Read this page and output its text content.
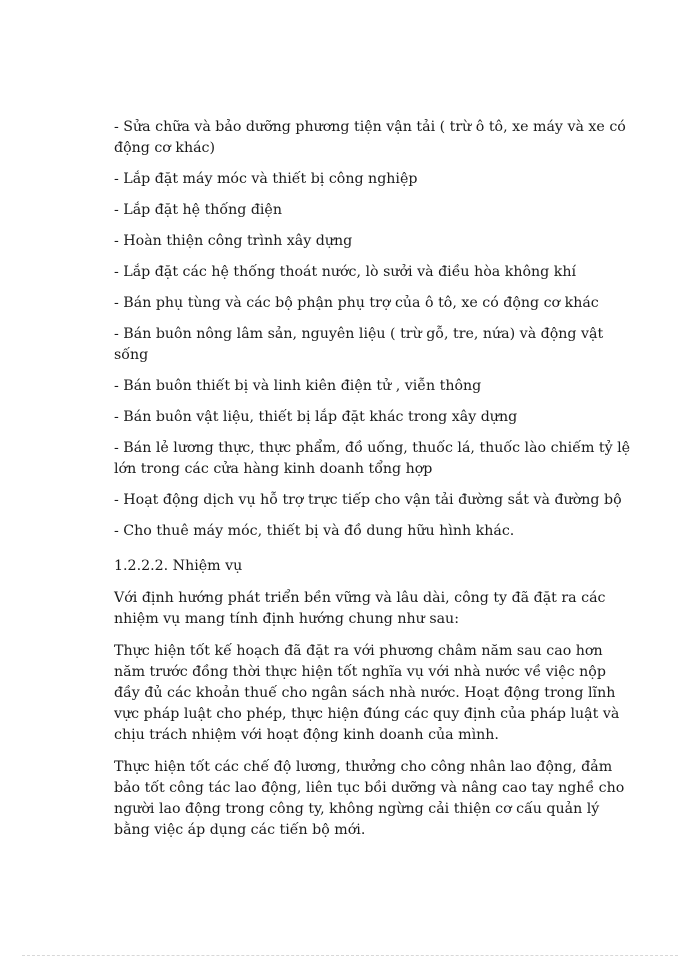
- Sửa chữa và bảo dưỡng phương tiện vận tải ( trừ ô tô, xe máy và xe có động cơ khác)
- Lắp đặt máy móc và thiết bị công nghiệp
- Lắp đặt hệ thống điện
- Hoàn thiện công trình xây dựng
- Lắp đặt các hệ thống thoát nước, lò sưởi và điều hòa không khí
- Bán phụ tùng và các bộ phận phụ trợ của ô tô, xe có động cơ khác
- Bán buôn nông lâm sản, nguyên liệu ( trừ gỗ, tre, nứa) và động vật sống
- Bán buôn thiết bị và linh kiên điện tử , viễn thông
- Bán buôn vật liệu, thiết bị lắp đặt khác trong xây dựng
- Bán lẻ lương thực, thực phẩm, đồ uống, thuốc lá, thuốc lào chiếm tỷ lệ lớn trong các cửa hàng kinh doanh tổng hợp
- Hoạt động dịch vụ hỗ trợ trực tiếp cho vận tải đường sắt và đường bộ
- Cho thuê máy móc, thiết bị và đồ dung hữu hình khác.
1.2.2.2. Nhiệm vụ
Với định hướng phát triển bền vững và lâu dài, công ty đã đặt ra các nhiệm vụ mang tính định hướng chung như sau:
Thực hiện tốt kế hoạch đã đặt ra với phương châm năm sau cao hơn năm trước đồng thời thực hiện tốt nghĩa vụ với nhà nước về việc nộp đầy đủ các khoản thuế cho ngân sách nhà nước. Hoạt động trong lĩnh vực pháp luật cho phép, thực hiện đúng các quy định của pháp luật và chịu trách nhiệm với hoạt động kinh doanh của mình.
Thực hiện tốt các chế độ lương, thưởng cho công nhân lao động, đảm bảo tốt công tác lao động, liên tục bồi dưỡng và nâng cao tay nghề cho người lao động trong công ty, không ngừng cải thiện cơ cấu quản lý bằng việc áp dụng các tiến bộ mới.
